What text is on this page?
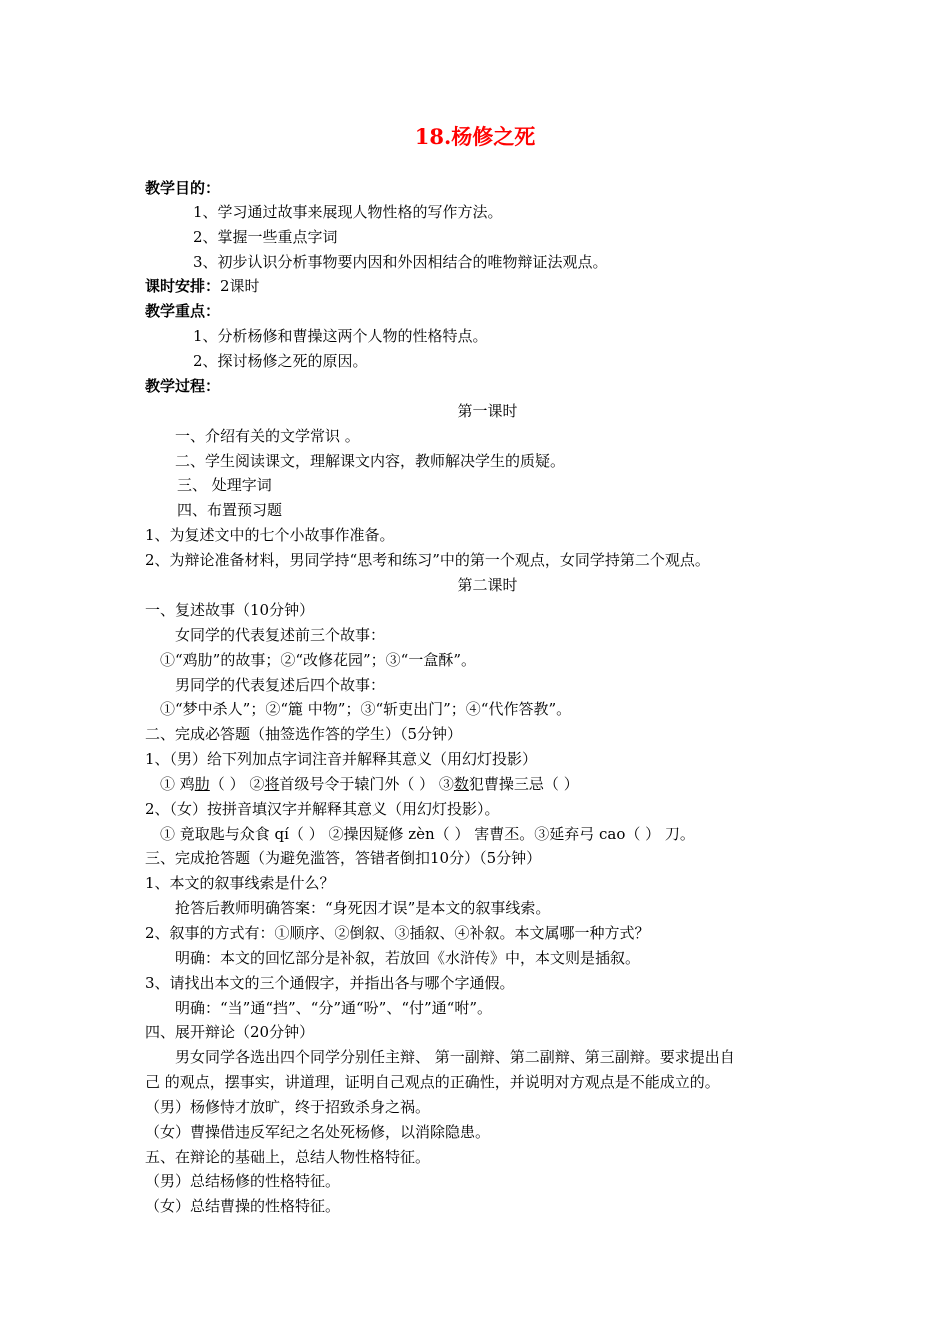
18.杨修之死
教学目的：
1、学习通过故事来展现人物性格的写作方法。
2、掌握一些重点字词
3、初步认识分析事物要内因和外因相结合的唯物辩证法观点。
课时安排：2课时
教学重点：
1、分析杨修和曹操这两个人物的性格特点。
2、探讨杨修之死的原因。
教学过程：
第一课时
一、介绍有关的文学常识 。
二、学生阅读课文，理解课文内容，教师解决学生的质疑。
三、 处理字词
四、布置预习题
1、为复述文中的七个小故事作准备。
2、为辩论准备材料，男同学持“思考和练习”中的第一个观点，女同学持第二个观点。
第二课时
一、复述故事（10分钟）
女同学的代表复述前三个故事：
①“鸡肋”的故事；②“改修花园”；③“一盒酥”。
男同学的代表复述后四个故事：
①“梦中杀人”；②“簏 中物”；③“斩吏出门”；④“代作答教”。
二、完成必答题（抽签选作答的学生）（5分钟）
1、（男）给下列加点字词注音并解释其意义（用幻灯投影）
① 鸡肋（ ） ②将首级号令于辕门外（ ） ③数犯曹操三忌（ ）
2、（女）按拼音填汉字并解释其意义（用幻灯投影）。
① 竟取匙与众食 qí（ ） ②操因疑修 zèn（ ） 害曹丕。③延弃弓 cao（ ） 刀。
三、完成抢答题（为避免滥答，答错者倒扣10分）（5分钟）
1、本文的叙事线索是什么？
抢答后教师明确答案：“身死因才误”是本文的叙事线索。
2、叙事的方式有：①顺序、②倒叙、③插叙、④补叙。本文属哪一种方式？
明确：本文的回忆部分是补叙，若放回《水浒传》中，本文则是插叙。
3、请找出本文的三个通假字，并指出各与哪个字通假。
明确：“当”通“挡”、“分”通“吩”、“付”通“咐”。
四、展开辩论（20分钟）
男女同学各选出四个同学分别任主辩、 第一副辩、第二副辩、第三副辩。要求提出自
己 的观点，摆事实，讲道理，证明自己观点的正确性，并说明对方观点是不能成立的。
（男）杨修恃才放旷，终于招致杀身之祸。
（女）曹操借违反军纪之名处死杨修，以消除隐患。
五、在辩论的基础上，总结人物性格特征。
（男）总结杨修的性格特征。
（女）总结曹操的性格特征。
